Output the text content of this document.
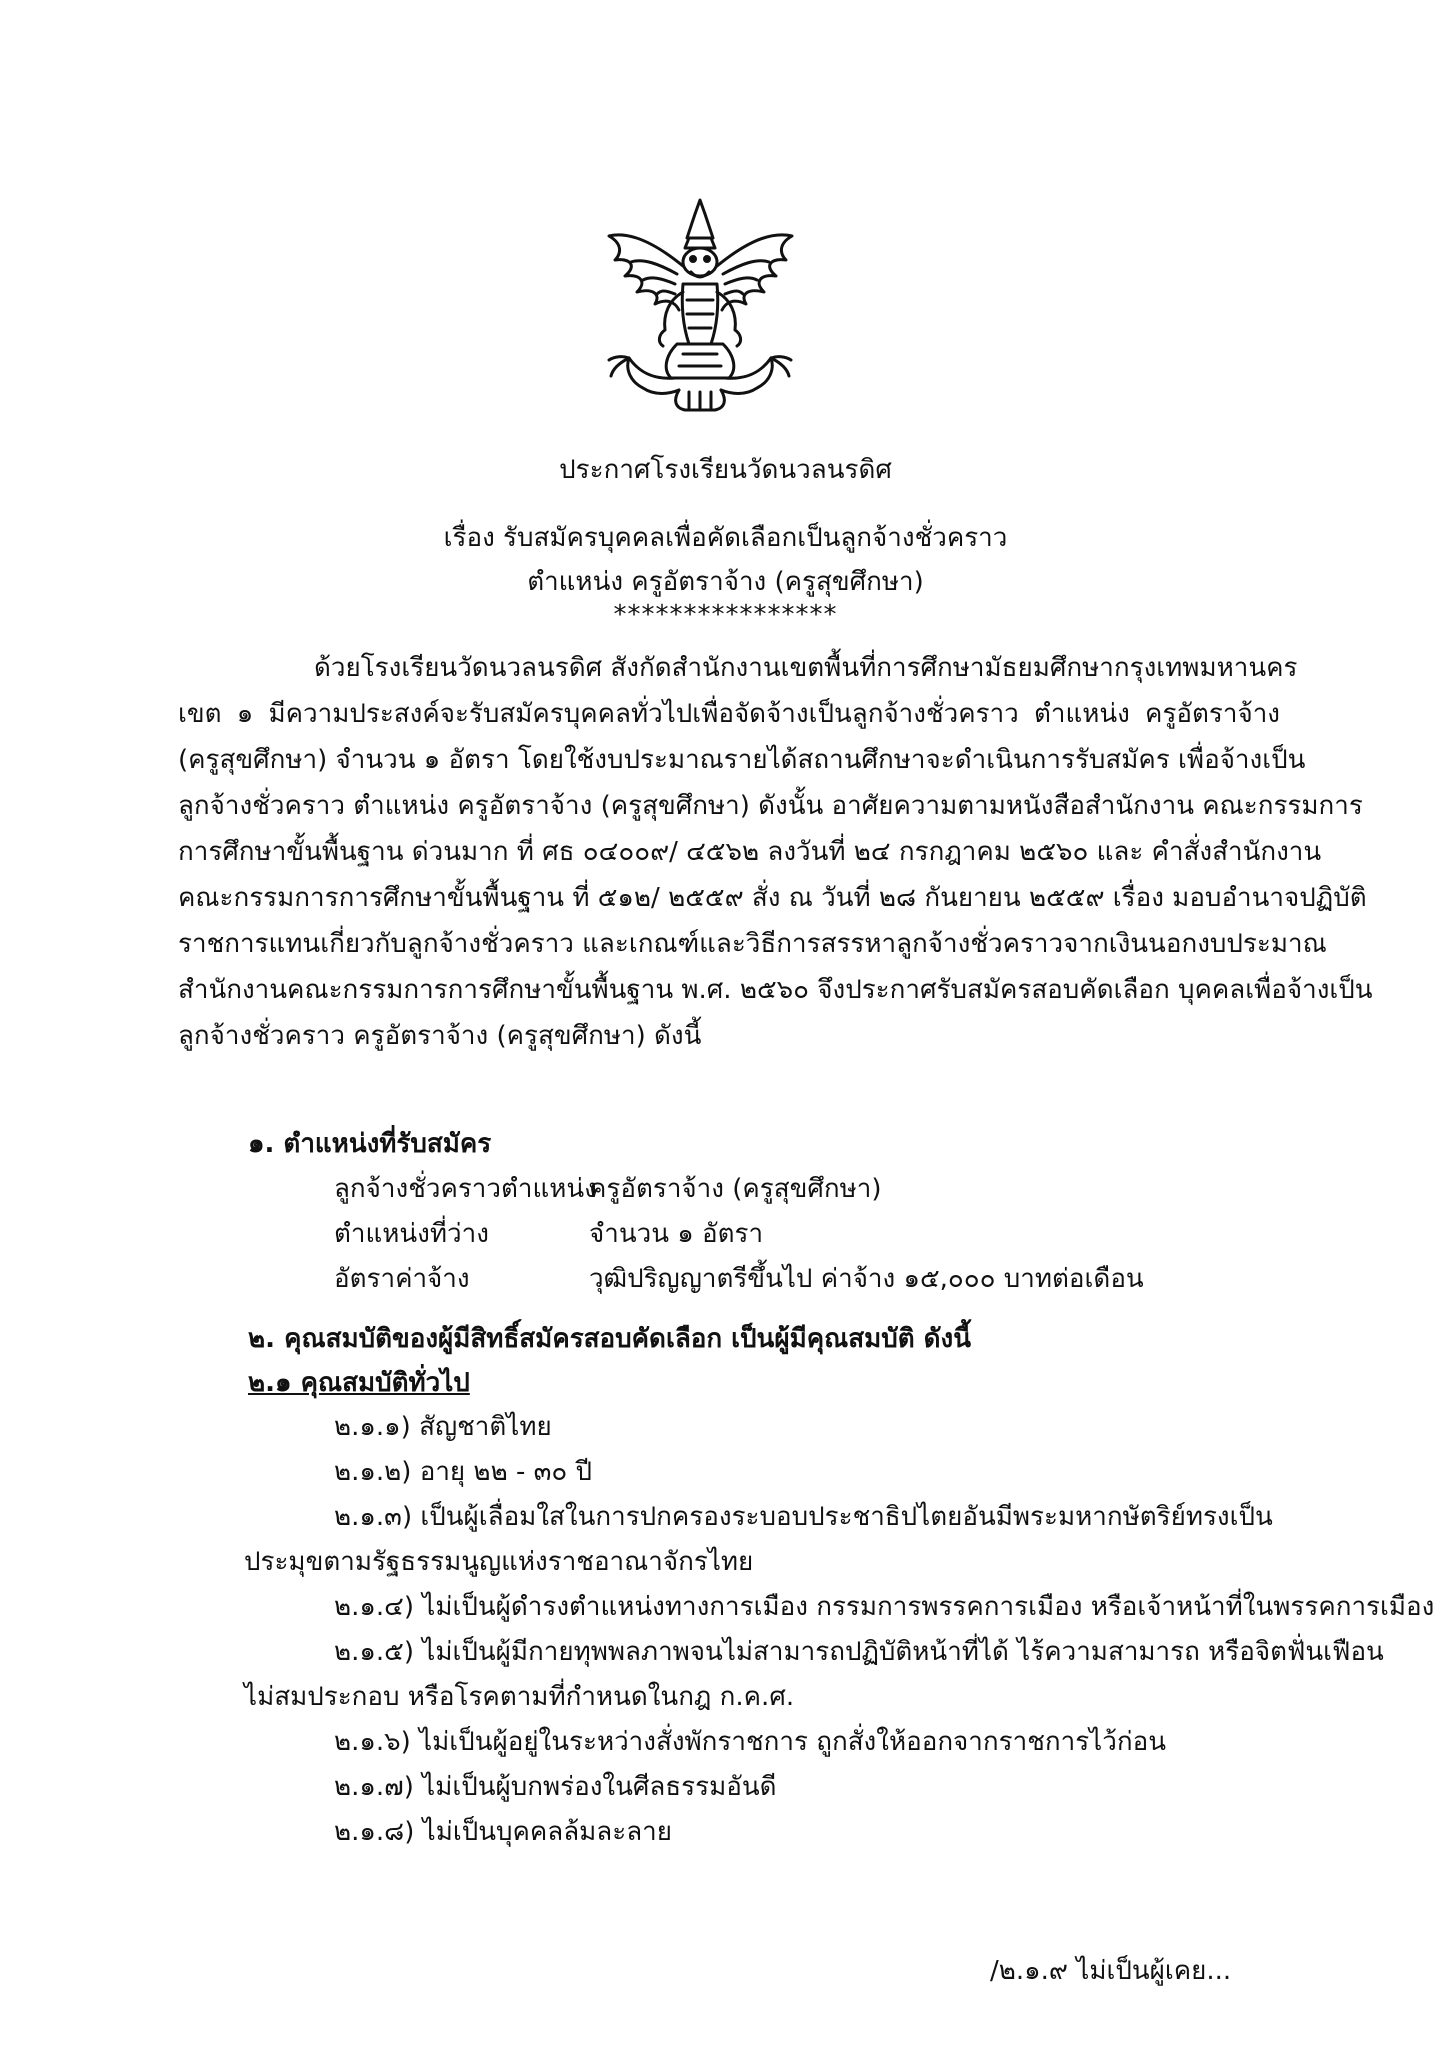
ประกาศโรงเรียนวัดนวลนรดิศ
เรื่อง รับสมัครบุคคลเพื่อคัดเลือกเป็นลูกจ้างชั่วคราว
ตำแหน่ง ครูอัตราจ้าง (ครูสุขศึกษา)
****************
ด้วยโรงเรียนวัดนวลนรดิศ สังกัดสำนักงานเขตพื้นที่การศึกษามัธยมศึกษากรุงเทพมหานคร
เขต ๑ มีความประสงค์จะรับสมัครบุคคลทั่วไปเพื่อจัดจ้างเป็นลูกจ้างชั่วคราว ตำแหน่ง ครูอัตราจ้าง
(ครูสุขศึกษา) จำนวน ๑ อัตรา โดยใช้งบประมาณรายได้สถานศึกษาจะดำเนินการรับสมัคร เพื่อจ้างเป็น
ลูกจ้างชั่วคราว ตำแหน่ง ครูอัตราจ้าง (ครูสุขศึกษา) ดังนั้น อาศัยความตามหนังสือสำนักงาน คณะกรรมการ
การศึกษาขั้นพื้นฐาน ด่วนมาก ที่ ศธ ๐๔๐๐๙/ ๔๕๖๒ ลงวันที่ ๒๔ กรกฎาคม ๒๕๖๐ และ คำสั่งสำนักงาน
คณะกรรมการการศึกษาขั้นพื้นฐาน ที่ ๕๑๒/ ๒๕๕๙ สั่ง ณ วันที่ ๒๘ กันยายน ๒๕๕๙ เรื่อง มอบอำนาจปฏิบัติ
ราชการแทนเกี่ยวกับลูกจ้างชั่วคราว และเกณฑ์และวิธีการสรรหาลูกจ้างชั่วคราวจากเงินนอกงบประมาณ
สำนักงานคณะกรรมการการศึกษาขั้นพื้นฐาน พ.ศ. ๒๕๖๐ จึงประกาศรับสมัครสอบคัดเลือก บุคคลเพื่อจ้างเป็น
ลูกจ้างชั่วคราว ครูอัตราจ้าง (ครูสุขศึกษา) ดังนี้
๑. ตำแหน่งที่รับสมัคร
ลูกจ้างชั่วคราวตำแหน่ง
ครูอัตราจ้าง (ครูสุขศึกษา)
ตำแหน่งที่ว่าง	จำนวน ๑ อัตรา
อัตราค่าจ้าง	วุฒิปริญญาตรีขึ้นไป ค่าจ้าง ๑๕,๐๐๐ บาทต่อเดือน
๒. คุณสมบัติของผู้มีสิทธิ์สมัครสอบคัดเลือก เป็นผู้มีคุณสมบัติ ดังนี้
๒.๑ คุณสมบัติทั่วไป
๒.๑.๑) สัญชาติไทย
๒.๑.๒) อายุ ๒๒ - ๓๐ ปี
๒.๑.๓) เป็นผู้เลื่อมใสในการปกครองระบอบประชาธิปไตยอันมีพระมหากษัตริย์ทรงเป็น
ประมุขตามรัฐธรรมนูญแห่งราชอาณาจักรไทย
๒.๑.๔) ไม่เป็นผู้ดำรงตำแหน่งทางการเมือง กรรมการพรรคการเมือง หรือเจ้าหน้าที่ในพรรคการเมือง
๒.๑.๕) ไม่เป็นผู้มีกายทุพพลภาพจนไม่สามารถปฏิบัติหน้าที่ได้ ไร้ความสามารถ หรือจิตฟั่นเฟือน
ไม่สมประกอบ หรือโรคตามที่กำหนดในกฎ ก.ค.ศ.
๒.๑.๖) ไม่เป็นผู้อยู่ในระหว่างสั่งพักราชการ ถูกสั่งให้ออกจากราชการไว้ก่อน
๒.๑.๗) ไม่เป็นผู้บกพร่องในศีลธรรมอันดี
๒.๑.๘) ไม่เป็นบุคคลล้มละลาย
/๒.๑.๙ ไม่เป็นผู้เคย...
